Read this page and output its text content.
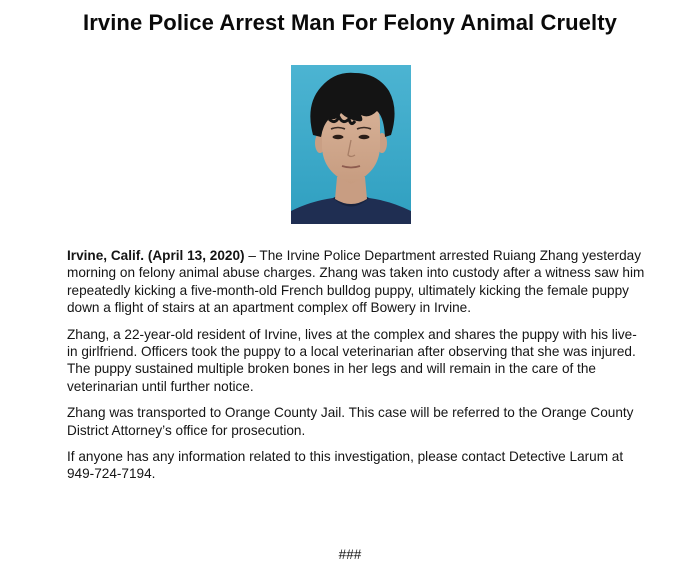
Irvine Police Arrest Man For Felony Animal Cruelty

Irvine, Calif. (April 13, 2020) – The Irvine Police Department arrested Ruiang Zhang yesterday morning on felony animal abuse charges. Zhang was taken into custody after a witness saw him repeatedly kicking a five-month-old French bulldog puppy, ultimately kicking the female puppy down a flight of stairs at an apartment complex off Bowery in Irvine.

Zhang, a 22-year-old resident of Irvine, lives at the complex and shares the puppy with his live-in girlfriend. Officers took the puppy to a local veterinarian after observing that she was injured. The puppy sustained multiple broken bones in her legs and will remain in the care of the veterinarian until further notice.

Zhang was transported to Orange County Jail. This case will be referred to the Orange County District Attorney’s office for prosecution.

If anyone has any information related to this investigation, please contact Detective Larum at 949-724-7194.

###
